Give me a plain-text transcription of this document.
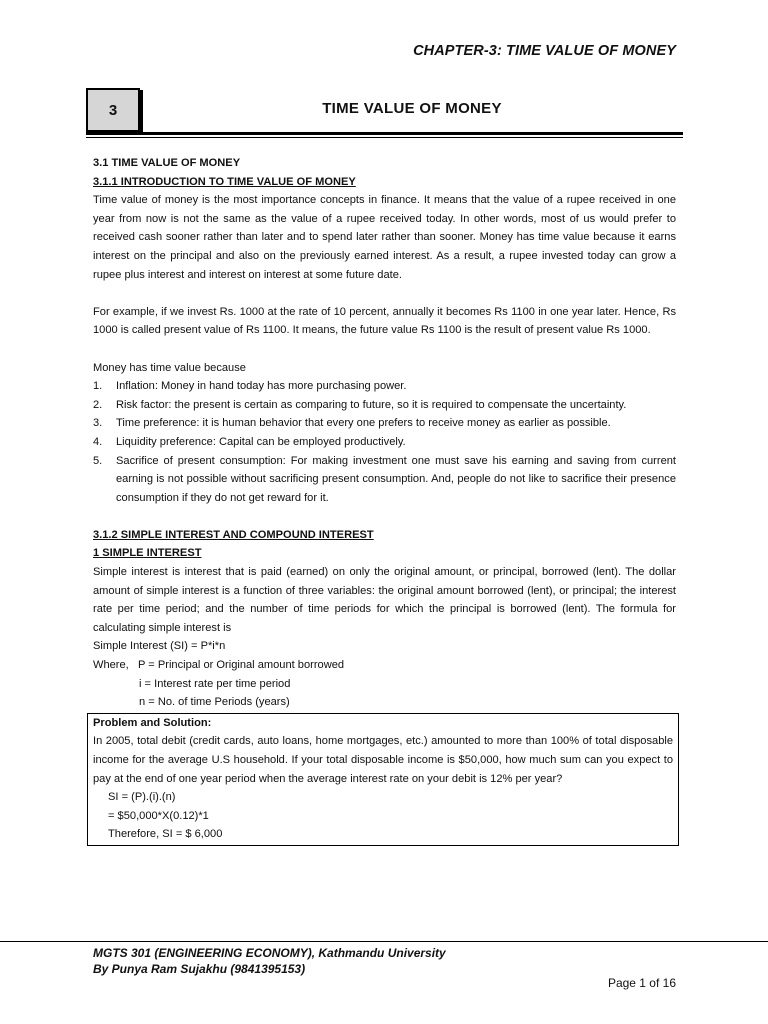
CHAPTER-3: TIME VALUE OF MONEY
3	TIME VALUE OF MONEY

3.1 TIME VALUE OF MONEY

3.1.1 INTRODUCTION TO TIME VALUE OF MONEY

Time value of money is the most importance concepts in finance. It means that the value of a rupee received in one year from now is not the same as the value of a rupee received today. In other words, most of us would prefer to received cash sooner rather than later and to spend later rather than sooner. Money has time value because it earns interest on the principal and also on the previously earned interest. As a result, a rupee invested today can grow a rupee plus interest and interest on interest at some future date.

For example, if we invest Rs. 1000 at the rate of 10 percent, annually it becomes Rs 1100 in one year later. Hence, Rs 1000 is called present value of Rs 1100. It means, the future value Rs 1100 is the result of present value Rs 1000.

Money has time value because

1.	Inflation: Money in hand today has more purchasing power.
2.	Risk factor: the present is certain as comparing to future, so it is required to compensate the uncertainty.
3.	Time preference: it is human behavior that every one prefers to receive money as earlier as possible.
4.	Liquidity preference: Capital can be employed productively.
5.	Sacrifice of present consumption: For making investment one must save his earning and saving from current earning is not possible without sacrificing present consumption. And, people do not like to sacrifice their presence consumption if they do not get reward for it.

3.1.2 SIMPLE INTEREST AND COMPOUND INTEREST

1 SIMPLE INTEREST

Simple interest is interest that is paid (earned) on only the original amount, or principal, borrowed (lent). The dollar amount of simple interest is a function of three variables: the original amount borrowed (lent), or principal; the interest rate per time period; and the number of time periods for which the principal is borrowed (lent). The formula for calculating simple interest is

Simple Interest (SI) = P*i*n

Where,   P = Principal or Original amount borrowed

i = Interest rate per time period

n = No. of time Periods (years)

Problem and Solution:

In 2005, total debit (credit cards, auto loans, home mortgages, etc.) amounted to more than 100% of total disposable income for the average U.S household. If your total disposable income is $50,000, how much sum can you expect to pay at the end of one year period when the average interest rate on your debit is 12% per year?

SI = (P).(i).(n)

= $50,000*X(0.12)*1

Therefore, SI = $ 6,000

MGTS 301 (ENGINEERING ECONOMY), Kathmandu University
By Punya Ram Sujakhu (9841395153)
Page 1 of 16
